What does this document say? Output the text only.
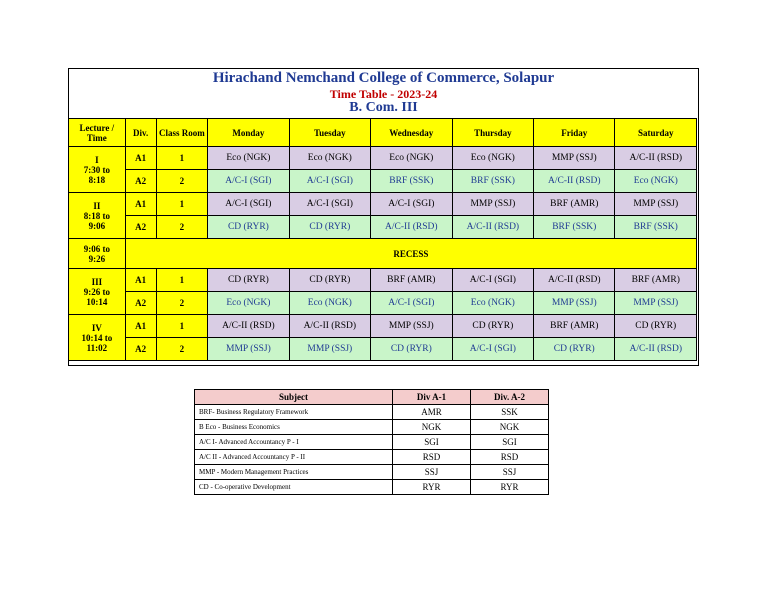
Hirachand Nemchand College of Commerce, Solapur
Time Table - 2023-24
B. Com. III
Lecture / Time	Div.	Class Room	Monday	Tuesday	Wednesday	Thursday	Friday	Saturday
I
7:30 to
8:18	A1	1	Eco (NGK)	Eco (NGK)	Eco (NGK)	Eco (NGK)	MMP (SSJ)	A/C-II (RSD)
	A2	2	A/C-I (SGI)	A/C-I (SGI)	BRF (SSK)	BRF (SSK)	A/C-II (RSD)	Eco (NGK)
II
8:18 to
9:06	A1	1	A/C-I (SGI)	A/C-I (SGI)	A/C-I (SGI)	MMP (SSJ)	BRF (AMR)	MMP (SSJ)
	A2	2	CD (RYR)	CD (RYR)	A/C-II (RSD)	A/C-II (RSD)	BRF (SSK)	BRF (SSK)
9:06 to
9:26	RECESS							
III
9:26 to
10:14	A1	1	CD (RYR)	CD (RYR)	BRF (AMR)	A/C-I (SGI)	A/C-II (RSD)	BRF (AMR)
	A2	2	Eco (NGK)	Eco (NGK)	A/C-I (SGI)	Eco (NGK)	MMP (SSJ)	MMP (SSJ)
IV
10:14 to
11:02	A1	1	A/C-II (RSD)	A/C-II (RSD)	MMP (SSJ)	CD (RYR)	BRF (AMR)	CD (RYR)
	A2	2	MMP (SSJ)	MMP (SSJ)	CD (RYR)	A/C-I (SGI)	CD (RYR)	A/C-II (RSD)
Subject	Div A-1	Div. A-2
BRF- Business Regulatory Framework	AMR	SSK
B Eco - Business Economics	NGK	NGK
A/C I- Advanced Accountancy P - I	SGI	SGI
A/C II - Advanced Accountancy P - II	RSD	RSD
MMP - Modern Management Practices	SSJ	SSJ
CD - Co-operative Development	RYR	RYR
